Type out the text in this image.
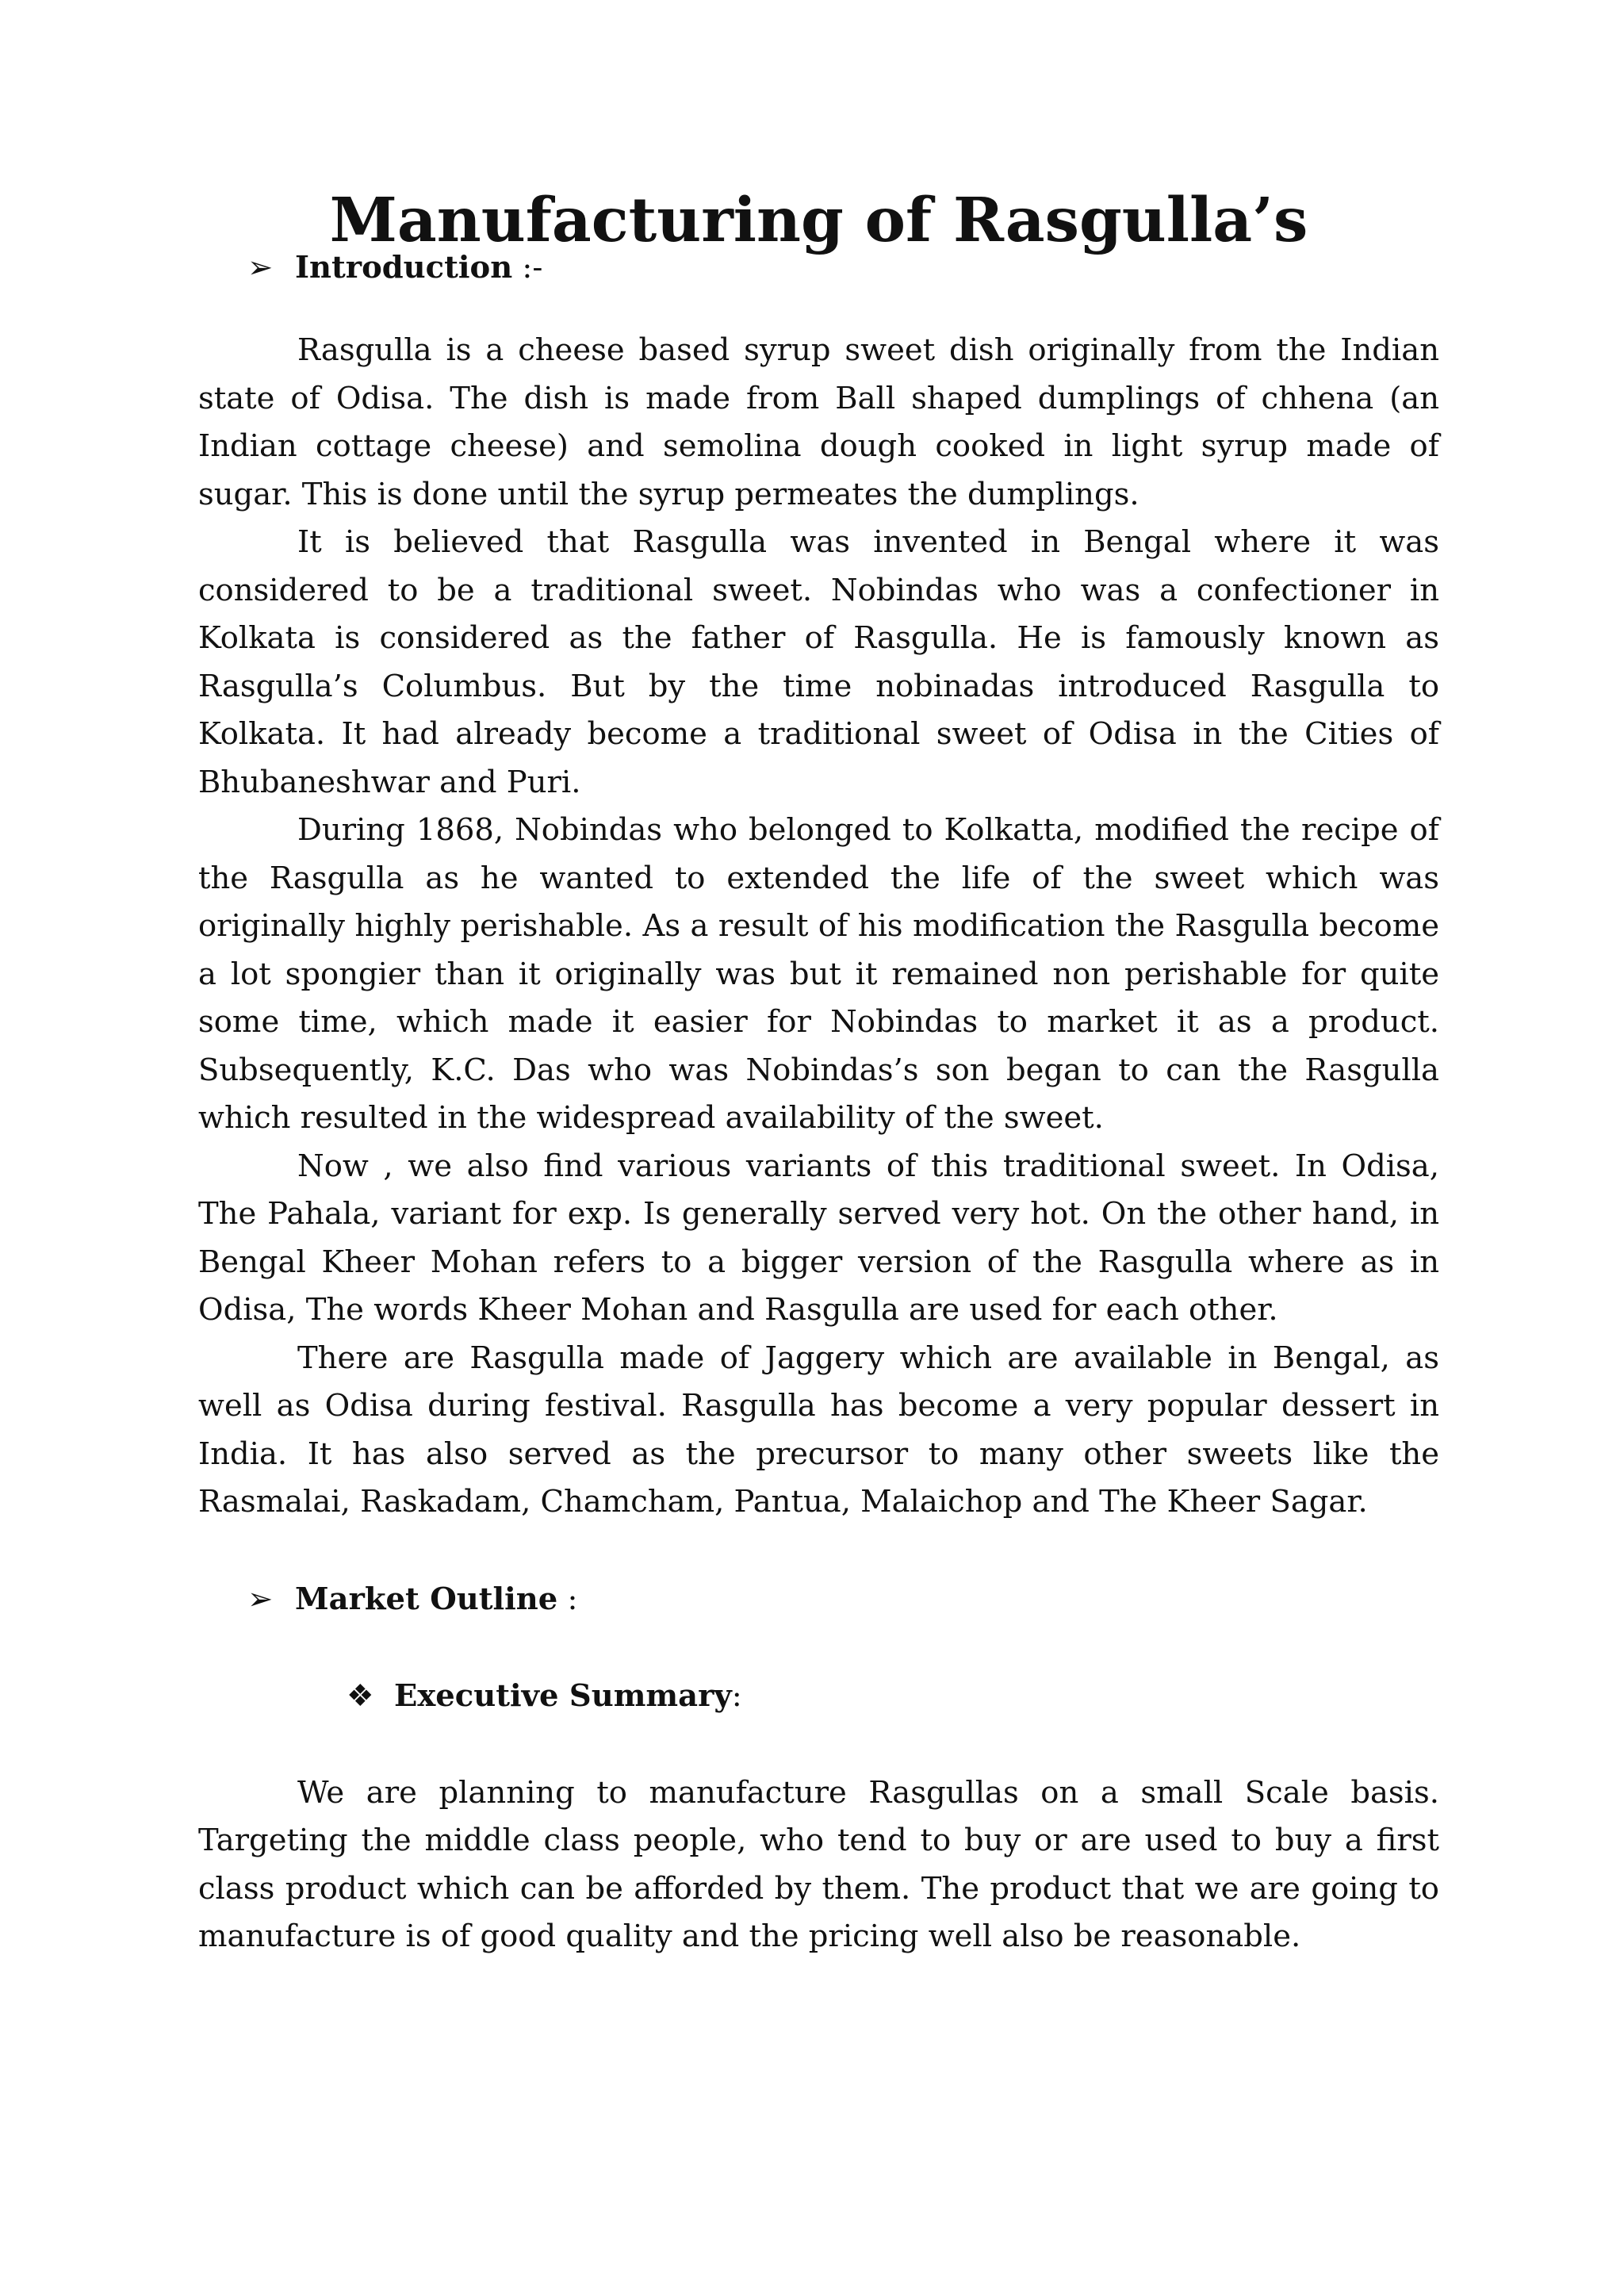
Manufacturing of Rasgulla’s
➢ Introduction :-

Rasgulla is a cheese based syrup sweet dish originally from the Indian state of Odisa. The dish is made from Ball shaped dumplings of chhena (an Indian cottage cheese) and semolina dough cooked in light syrup made of sugar. This is done until the syrup permeates the dumplings.

It is believed that Rasgulla was invented in Bengal where it was considered to be a traditional sweet. Nobindas who was a confectioner in Kolkata is considered as the father of Rasgulla. He is famously known as Rasgulla’s Columbus. But by the time nobinadas introduced Rasgulla to Kolkata. It had already become a traditional sweet of Odisa in the Cities of Bhubaneshwar and Puri.

During 1868, Nobindas who belonged to Kolkatta, modified the recipe of the Rasgulla as he wanted to extended the life of the sweet which was originally highly perishable. As a result of his modification the Rasgulla become a lot spongier than it originally was but it remained non perishable for quite some time, which made it easier for Nobindas to market it as a product. Subsequently, K.C. Das who was Nobindas’s son began to can the Rasgulla which resulted in the widespread availability of the sweet.

Now , we also find various variants of this traditional sweet. In Odisa, The Pahala, variant for exp. Is generally served very hot. On the other hand, in Bengal Kheer Mohan refers to a bigger version of the Rasgulla where as in Odisa, The words Kheer Mohan and Rasgulla are used for each other.

There are Rasgulla made of Jaggery which are available in Bengal, as well as Odisa during festival. Rasgulla has become a very popular dessert in India. It has also served as the precursor to many other sweets like the Rasmalai, Raskadam, Chamcham, Pantua, Malaichop and The Kheer Sagar.

➢ Market Outline :
❖ Executive Summary:

We are planning to manufacture Rasgullas on a small Scale basis. Targeting the middle class people, who tend to buy or are used to buy a first class product which can be afforded by them. The product that we are going to manufacture is of good quality and the pricing well also be reasonable.
